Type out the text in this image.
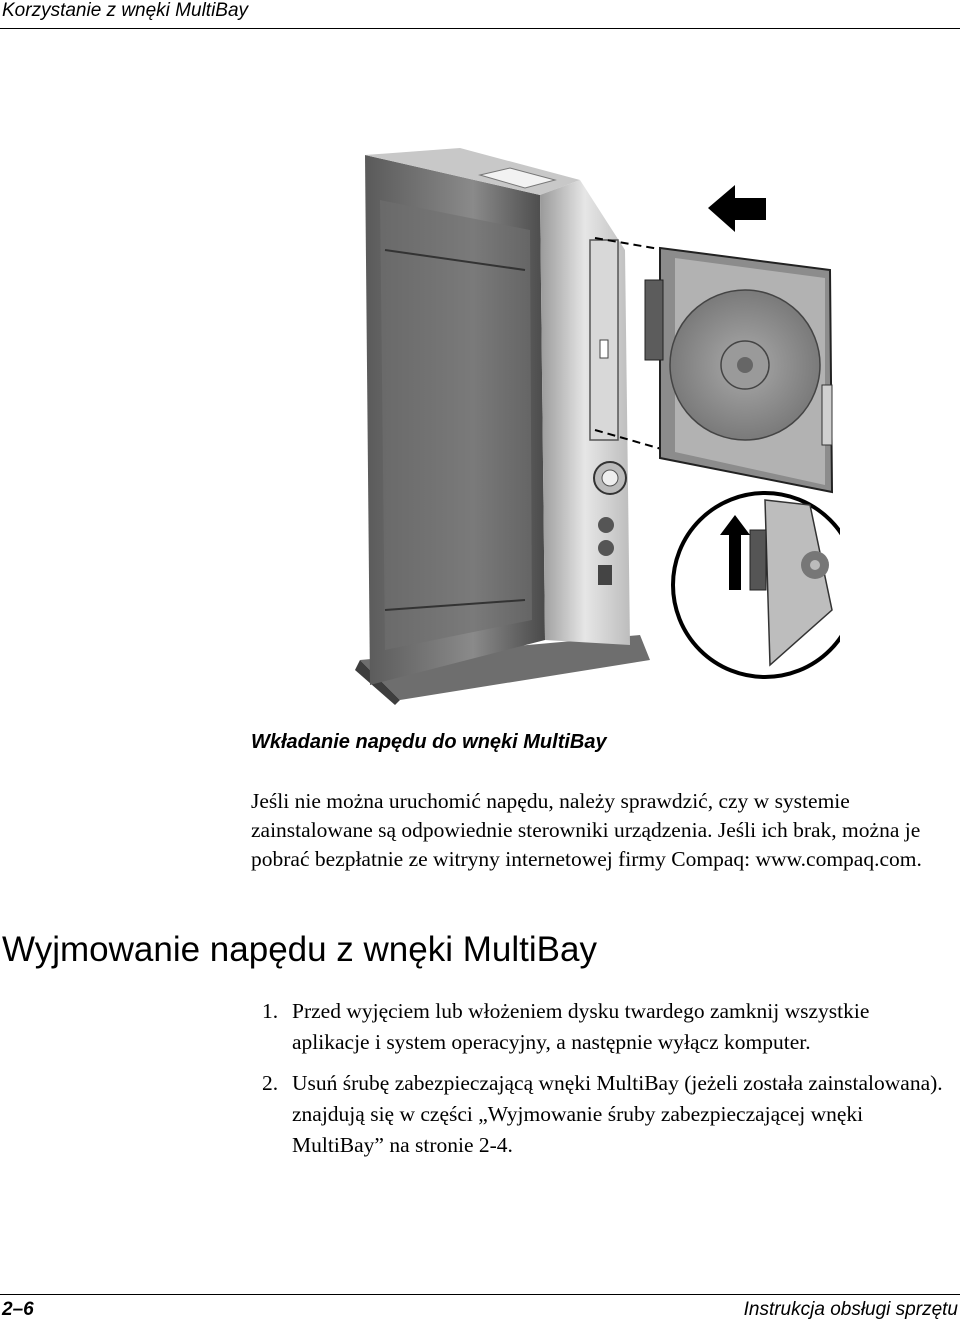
Korzystanie z wnęki MultiBay
Wkładanie napędu do wnęki MultiBay

Jeśli nie można uruchomić napędu, należy sprawdzić, czy w systemie zainstalowane są odpowiednie sterowniki urządzenia. Jeśli ich brak, można je pobrać bezpłatnie ze witryny internetowej firmy Compaq: www.compaq.com.

Wyjmowanie napędu z wnęki MultiBay
1. Przed wyjęciem lub włożeniem dysku twardego zamknij wszystkie aplikacje i system operacyjny, a następnie wyłącz komputer.
2. Usuń śrubę zabezpieczającą wnęki MultiBay (jeżeli została zainstalowana). znajdują się w części „Wyjmowanie śruby zabezpieczającej wnęki MultiBay” na stronie 2-4.
2–6	Instrukcja obsługi sprzętu
